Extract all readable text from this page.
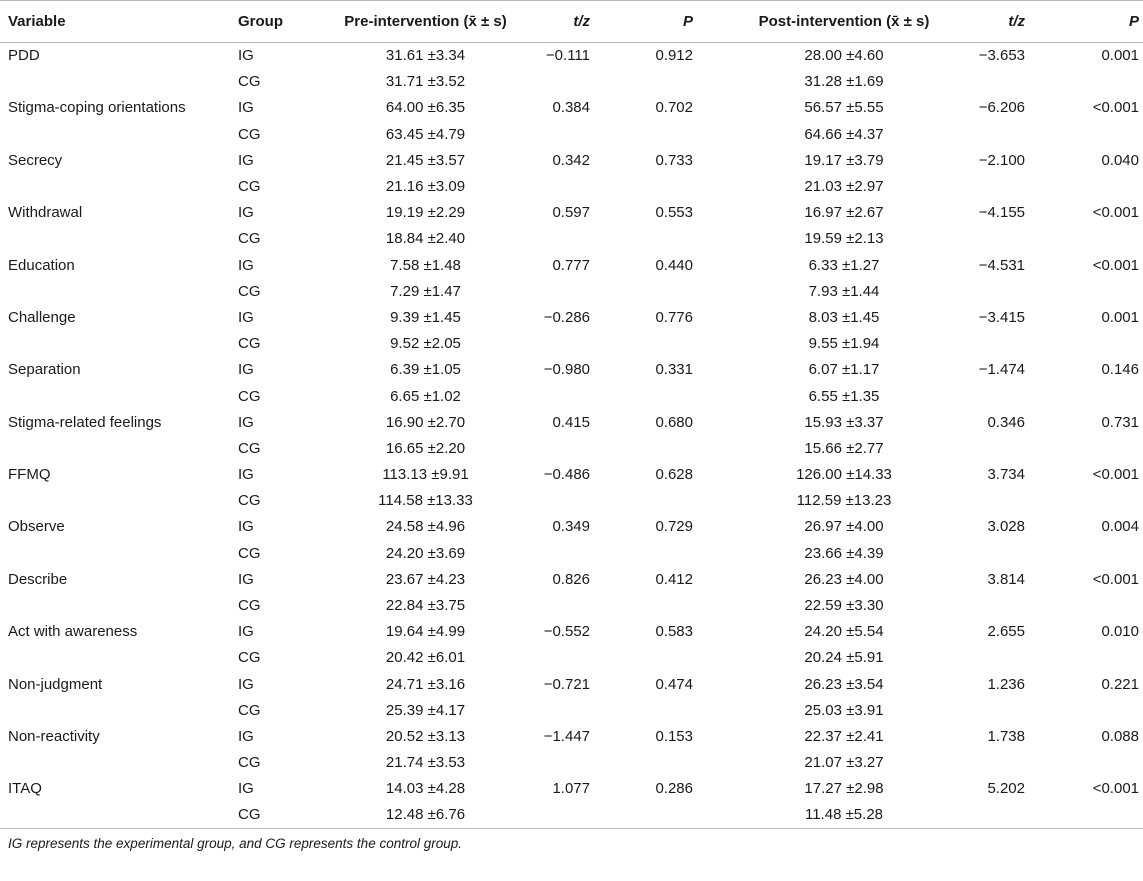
Variable	Group	Pre-intervention (x̄ ± s)	t/z	P	Post-intervention (x̄ ± s)	t/z	P
PDD	IG	31.61 ±3.34	−0.111	0.912	28.00 ±4.60	−3.653	0.001
	CG	31.71 ±3.52			31.28 ±1.69		
Stigma-coping orientations	IG	64.00 ±6.35	0.384	0.702	56.57 ±5.55	−6.206	<0.001
	CG	63.45 ±4.79			64.66 ±4.37		
Secrecy	IG	21.45 ±3.57	0.342	0.733	19.17 ±3.79	−2.100	0.040
	CG	21.16 ±3.09			21.03 ±2.97		
Withdrawal	IG	19.19 ±2.29	0.597	0.553	16.97 ±2.67	−4.155	<0.001
	CG	18.84 ±2.40			19.59 ±2.13		
Education	IG	7.58 ±1.48	0.777	0.440	6.33 ±1.27	−4.531	<0.001
	CG	7.29 ±1.47			7.93 ±1.44		
Challenge	IG	9.39 ±1.45	−0.286	0.776	8.03 ±1.45	−3.415	0.001
	CG	9.52 ±2.05			9.55 ±1.94		
Separation	IG	6.39 ±1.05	−0.980	0.331	6.07 ±1.17	−1.474	0.146
	CG	6.65 ±1.02			6.55 ±1.35		
Stigma-related feelings	IG	16.90 ±2.70	0.415	0.680	15.93 ±3.37	0.346	0.731
	CG	16.65 ±2.20			15.66 ±2.77		
FFMQ	IG	113.13 ±9.91	−0.486	0.628	126.00 ±14.33	3.734	<0.001
	CG	114.58 ±13.33			112.59 ±13.23		
Observe	IG	24.58 ±4.96	0.349	0.729	26.97 ±4.00	3.028	0.004
	CG	24.20 ±3.69			23.66 ±4.39		
Describe	IG	23.67 ±4.23	0.826	0.412	26.23 ±4.00	3.814	<0.001
	CG	22.84 ±3.75			22.59 ±3.30		
Act with awareness	IG	19.64 ±4.99	−0.552	0.583	24.20 ±5.54	2.655	0.010
	CG	20.42 ±6.01			20.24 ±5.91		
Non-judgment	IG	24.71 ±3.16	−0.721	0.474	26.23 ±3.54	1.236	0.221
	CG	25.39 ±4.17			25.03 ±3.91		
Non-reactivity	IG	20.52 ±3.13	−1.447	0.153	22.37 ±2.41	1.738	0.088
	CG	21.74 ±3.53			21.07 ±3.27		
ITAQ	IG	14.03 ±4.28	1.077	0.286	17.27 ±2.98	5.202	<0.001
	CG	12.48 ±6.76			11.48 ±5.28		
IG represents the experimental group, and CG represents the control group.
